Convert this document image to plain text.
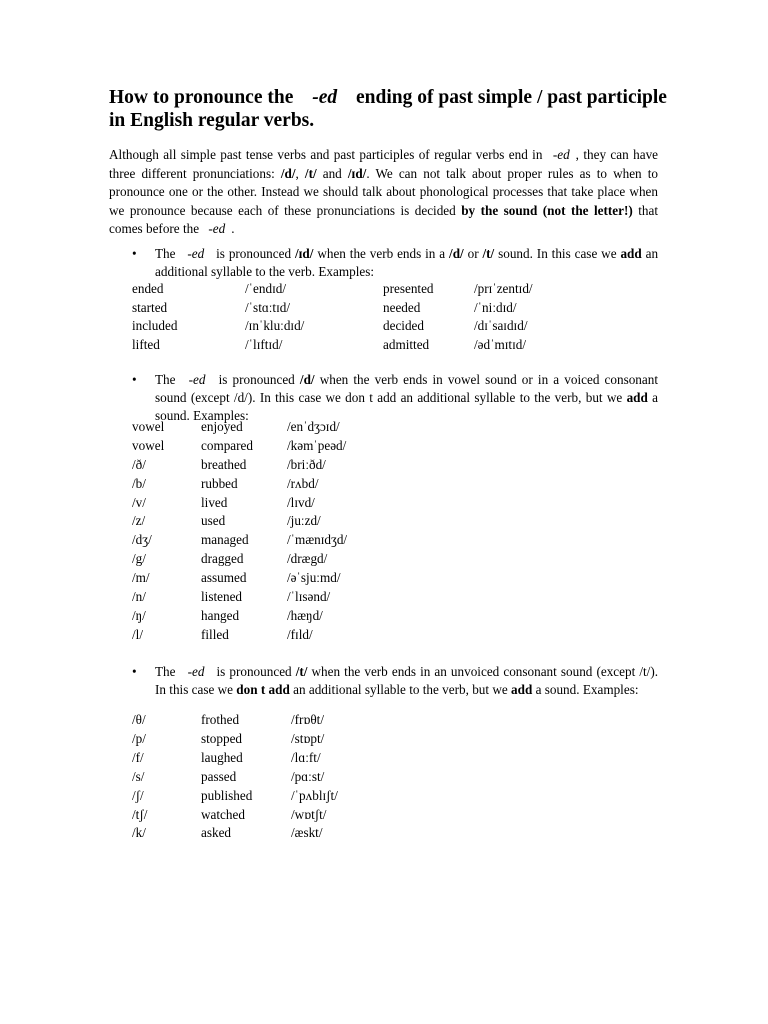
How to pronounce the -ed ending of past simple / past participle in English regular verbs.

Although all simple past tense verbs and past participles of regular verbs end in -ed , they can have three different pronunciations: /d/, /t/ and /ɪd/. We can not talk about proper rules as to when to pronounce one or the other. Instead we should talk about phonological processes that take place when we pronounce because each of these pronunciations is decided by the sound (not the letter!) that comes before the -ed .

• The -ed is pronounced /ɪd/ when the verb ends in a /d/ or /t/ sound. In this case we add an additional syllable to the verb. Examples:
ended	/ˈendɪd/	presented	/prɪˈzentɪd/
started	/ˈstɑːtɪd/	needed	/ˈniːdɪd/
included	/ɪnˈkluːdɪd/	decided	/dɪˈsaɪdɪd/
lifted	/ˈlɪftɪd/	admitted	/ədˈmɪtɪd/
• The -ed is pronounced /d/ when the verb ends in vowel sound or in a voiced consonant sound (except /d/). In this case we don t add an additional syllable to the verb, but we add a sound. Examples:
vowel	enjoyed	/enˈdʒɔɪd/
vowel	compared	/kəmˈpeəd/
/ð/	breathed	/briːðd/
/b/	rubbed	/rʌbd/
/v/	lived	/lɪvd/
/z/	used	/juːzd/
/dʒ/	managed	/ˈmænɪdʒd/
/g/	dragged	/drægd/
/m/	assumed	/əˈsjuːmd/
/n/	listened	/ˈlɪsənd/
/ŋ/	hanged	/hæŋd/
/l/	filled	/fɪld/
• The -ed is pronounced /t/ when the verb ends in an unvoiced consonant sound (except /t/). In this case we don t add an additional syllable to the verb, but we add a sound. Examples:
/θ/	frothed	/frɒθt/
/p/	stopped	/stɒpt/
/f/	laughed	/lɑːft/
/s/	passed	/pɑːst/
/ʃ/	published	/ˈpʌblɪʃt/
/tʃ/	watched	/wɒtʃt/
/k/	asked	/æskt/
